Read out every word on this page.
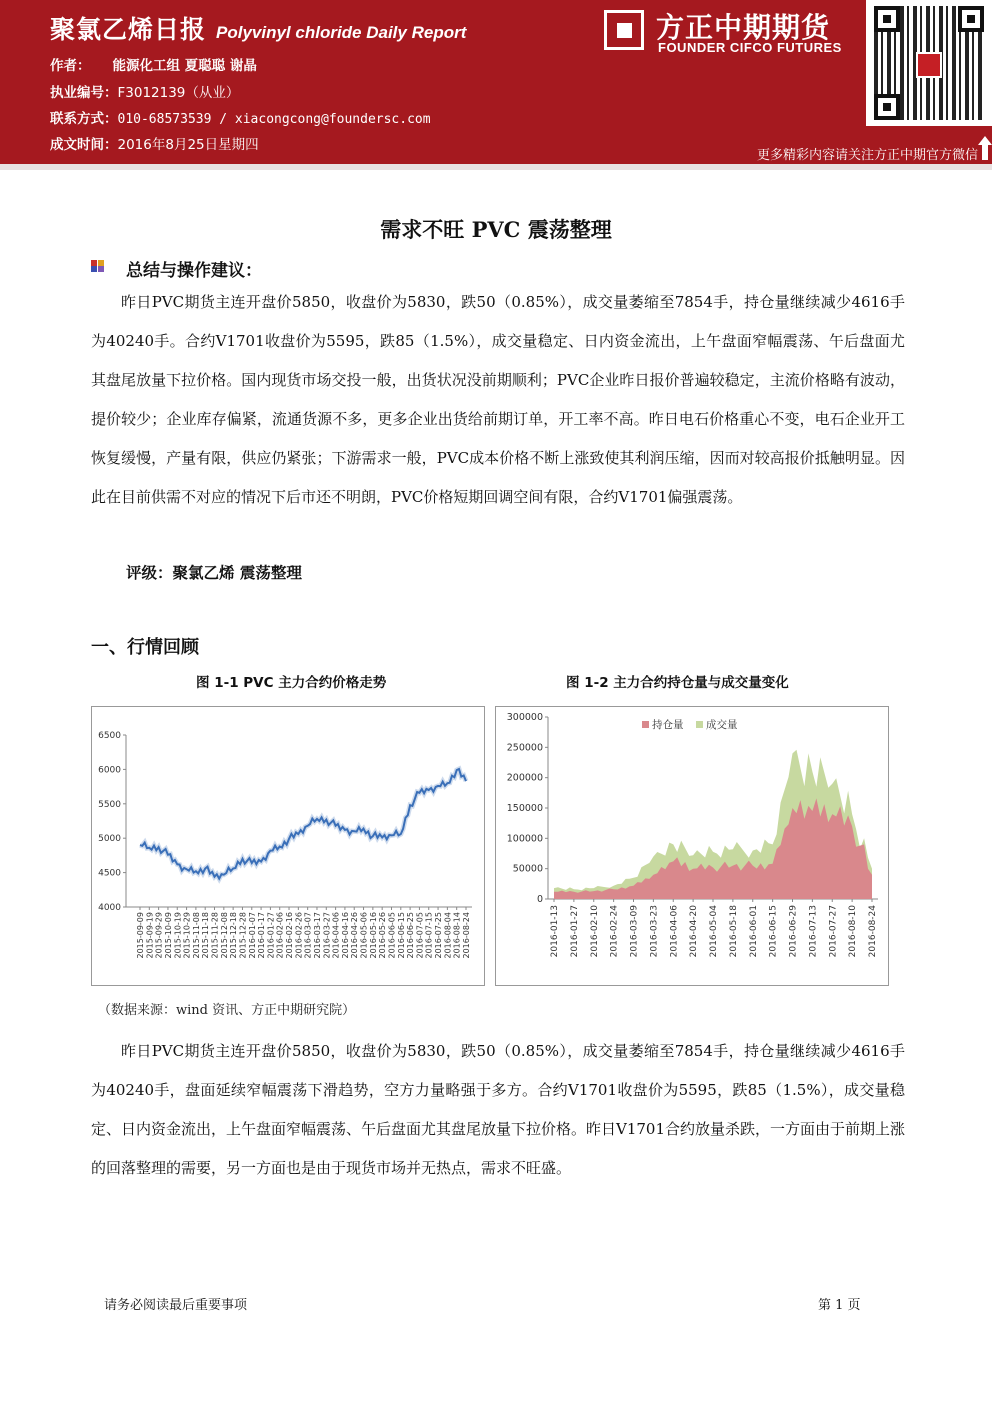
聚氯乙烯日报 Polyvinyl chloride Daily Report
作者： 能源化工组 夏聪聪 谢晶
执业编号：F3012139（从业）
联系方式：010-68573539 / xiacongcong@foundersc.com
成文时间：2016年8月25日星期四
方正中期期货
FOUNDER CIFCO FUTURES
更多精彩内容请关注方正中期官方微信
需求不旺 PVC 震荡整理
总结与操作建议：

昨日PVC期货主连开盘价5850，收盘价为5830，跌50（0.85%），成交量萎缩至7854手，持仓量继续减少4616手为40240手。合约V1701收盘价为5595，跌85（1.5%），成交量稳定、日内资金流出，上午盘面窄幅震荡、午后盘面尤其盘尾放量下拉价格。国内现货市场交投一般，出货状况没前期顺利；PVC企业昨日报价普遍较稳定，主流价格略有波动，提价较少；企业库存偏紧，流通货源不多，更多企业出货给前期订单，开工率不高。昨日电石价格重心不变，电石企业开工恢复缓慢，产量有限，供应仍紧张；下游需求一般，PVC成本价格不断上涨致使其利润压缩，因而对较高报价抵触明显。因此在目前供需不对应的情况下后市还不明朗，PVC价格短期回调空间有限，合约V1701偏强震荡。

评级：聚氯乙烯 震荡整理
一、行情回顾
图 1-1 PVC 主力合约价格走势	图 1-2 主力合约持仓量与成交量变化
4000
4500
5000
5500
6000
6500
2015-09-09 2015-09-19 2015-09-29 2015-10-09 2015-10-19 2015-10-29 2015-11-08 2015-11-18 2015-11-28 2015-12-08 2015-12-18 2015-12-28 2016-01-07 2016-01-17 2016-01-27 2016-02-06 2016-02-16 2016-02-26 2016-03-07 2016-03-17 2016-03-27 2016-04-06 2016-04-16 2016-04-26 2016-05-06 2016-05-16 2016-05-26 2016-06-05 2016-06-15 2016-06-25 2016-07-05 2016-07-15 2016-07-25 2016-08-04 2016-08-14 2016-08-24
0
50000
100000
150000
200000
250000
300000
2016-01-13 2016-01-27 2016-02-10 2016-02-24 2016-03-09 2016-03-23 2016-04-06 2016-04-20 2016-05-04 2016-05-18 2016-06-01 2016-06-15 2016-06-29 2016-07-13 2016-07-27 2016-08-10 2016-08-24
持仓量 成交量
（数据来源：wind 资讯、方正中期研究院）

昨日PVC期货主连开盘价5850，收盘价为5830，跌50（0.85%），成交量萎缩至7854手，持仓量继续减少4616手为40240手，盘面延续窄幅震荡下滑趋势，空方力量略强于多方。合约V1701收盘价为5595，跌85（1.5%），成交量稳定、日内资金流出，上午盘面窄幅震荡、午后盘面尤其盘尾放量下拉价格。昨日V1701合约放量杀跌，一方面由于前期上涨的回落整理的需要，另一方面也是由于现货市场并无热点，需求不旺盛。

请务必阅读最后重要事项	第 1 页
